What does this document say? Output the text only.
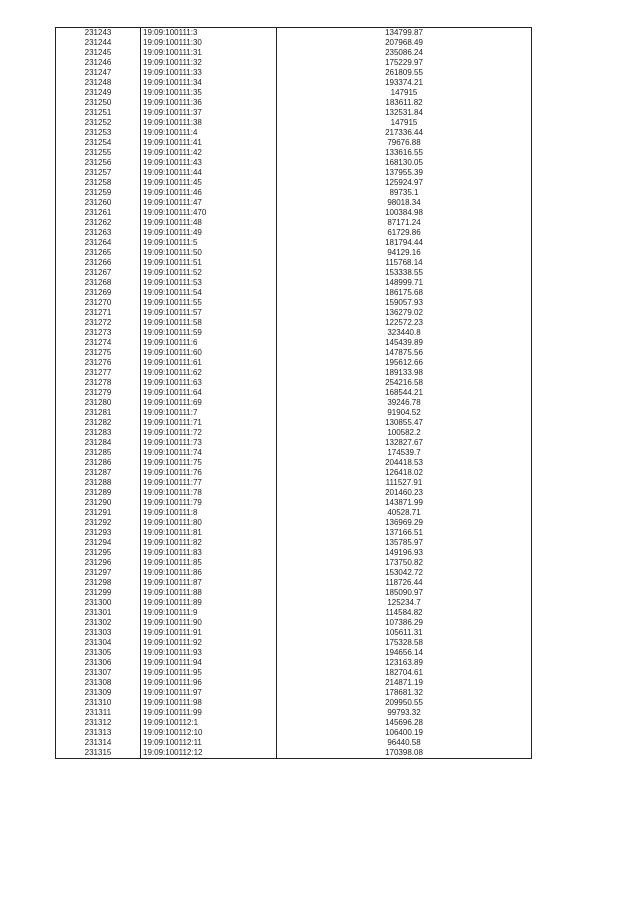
231243	19:09:100111:3	134799.87
231244	19:09:100111:30	207968.49
231245	19:09:100111:31	235086.24
231246	19:09:100111:32	175229.97
231247	19:09:100111:33	261809.55
231248	19:09:100111:34	193374.21
231249	19:09:100111:35	147915
231250	19:09:100111:36	183611.82
231251	19:09:100111:37	132531.84
231252	19:09:100111:38	147915
231253	19:09:100111:4	217336.44
231254	19:09:100111:41	79676.88
231255	19:09:100111:42	133616.55
231256	19:09:100111:43	168130.05
231257	19:09:100111:44	137955.39
231258	19:09:100111:45	125924.97
231259	19:09:100111:46	89735.1
231260	19:09:100111:47	98018.34
231261	19:09:100111:470	100384.98
231262	19:09:100111:48	87171.24
231263	19:09:100111:49	61729.86
231264	19:09:100111:5	181794.44
231265	19:09:100111:50	94129.16
231266	19:09:100111:51	115768.14
231267	19:09:100111:52	153338.55
231268	19:09:100111:53	148999.71
231269	19:09:100111:54	186175.68
231270	19:09:100111:55	159057.93
231271	19:09:100111:57	136279.02
231272	19:09:100111:58	122572.23
231273	19:09:100111:59	323440.8
231274	19:09:100111:6	145439.89
231275	19:09:100111:60	147875.56
231276	19:09:100111:61	195612.66
231277	19:09:100111:62	189133.98
231278	19:09:100111:63	254216.58
231279	19:09:100111:64	168544.21
231280	19:09:100111:69	39246.78
231281	19:09:100111:7	91904.52
231282	19:09:100111:71	130855.47
231283	19:09:100111:72	100582.2
231284	19:09:100111:73	132827.67
231285	19:09:100111:74	174539.7
231286	19:09:100111:75	204418.53
231287	19:09:100111:76	126418.02
231288	19:09:100111:77	111527.91
231289	19:09:100111:78	201460.23
231290	19:09:100111:79	143871.99
231291	19:09:100111:8	40528.71
231292	19:09:100111:80	136969.29
231293	19:09:100111:81	137166.51
231294	19:09:100111:82	135785.97
231295	19:09:100111:83	149196.93
231296	19:09:100111:85	173750.82
231297	19:09:100111:86	153042.72
231298	19:09:100111:87	118726.44
231299	19:09:100111:88	185090.97
231300	19:09:100111:89	125234.7
231301	19:09:100111:9	114584.82
231302	19:09:100111:90	107386.29
231303	19:09:100111:91	105611.31
231304	19:09:100111:92	175328.58
231305	19:09:100111:93	194656.14
231306	19:09:100111:94	123163.89
231307	19:09:100111:95	182704.61
231308	19:09:100111:96	214871.19
231309	19:09:100111:97	178681.32
231310	19:09:100111:98	209950.55
231311	19:09:100111:99	99793.32
231312	19:09:100112:1	145696.28
231313	19:09:100112:10	106400.19
231314	19:09:100112:11	96440.58
231315	19:09:100112:12	170398.08
